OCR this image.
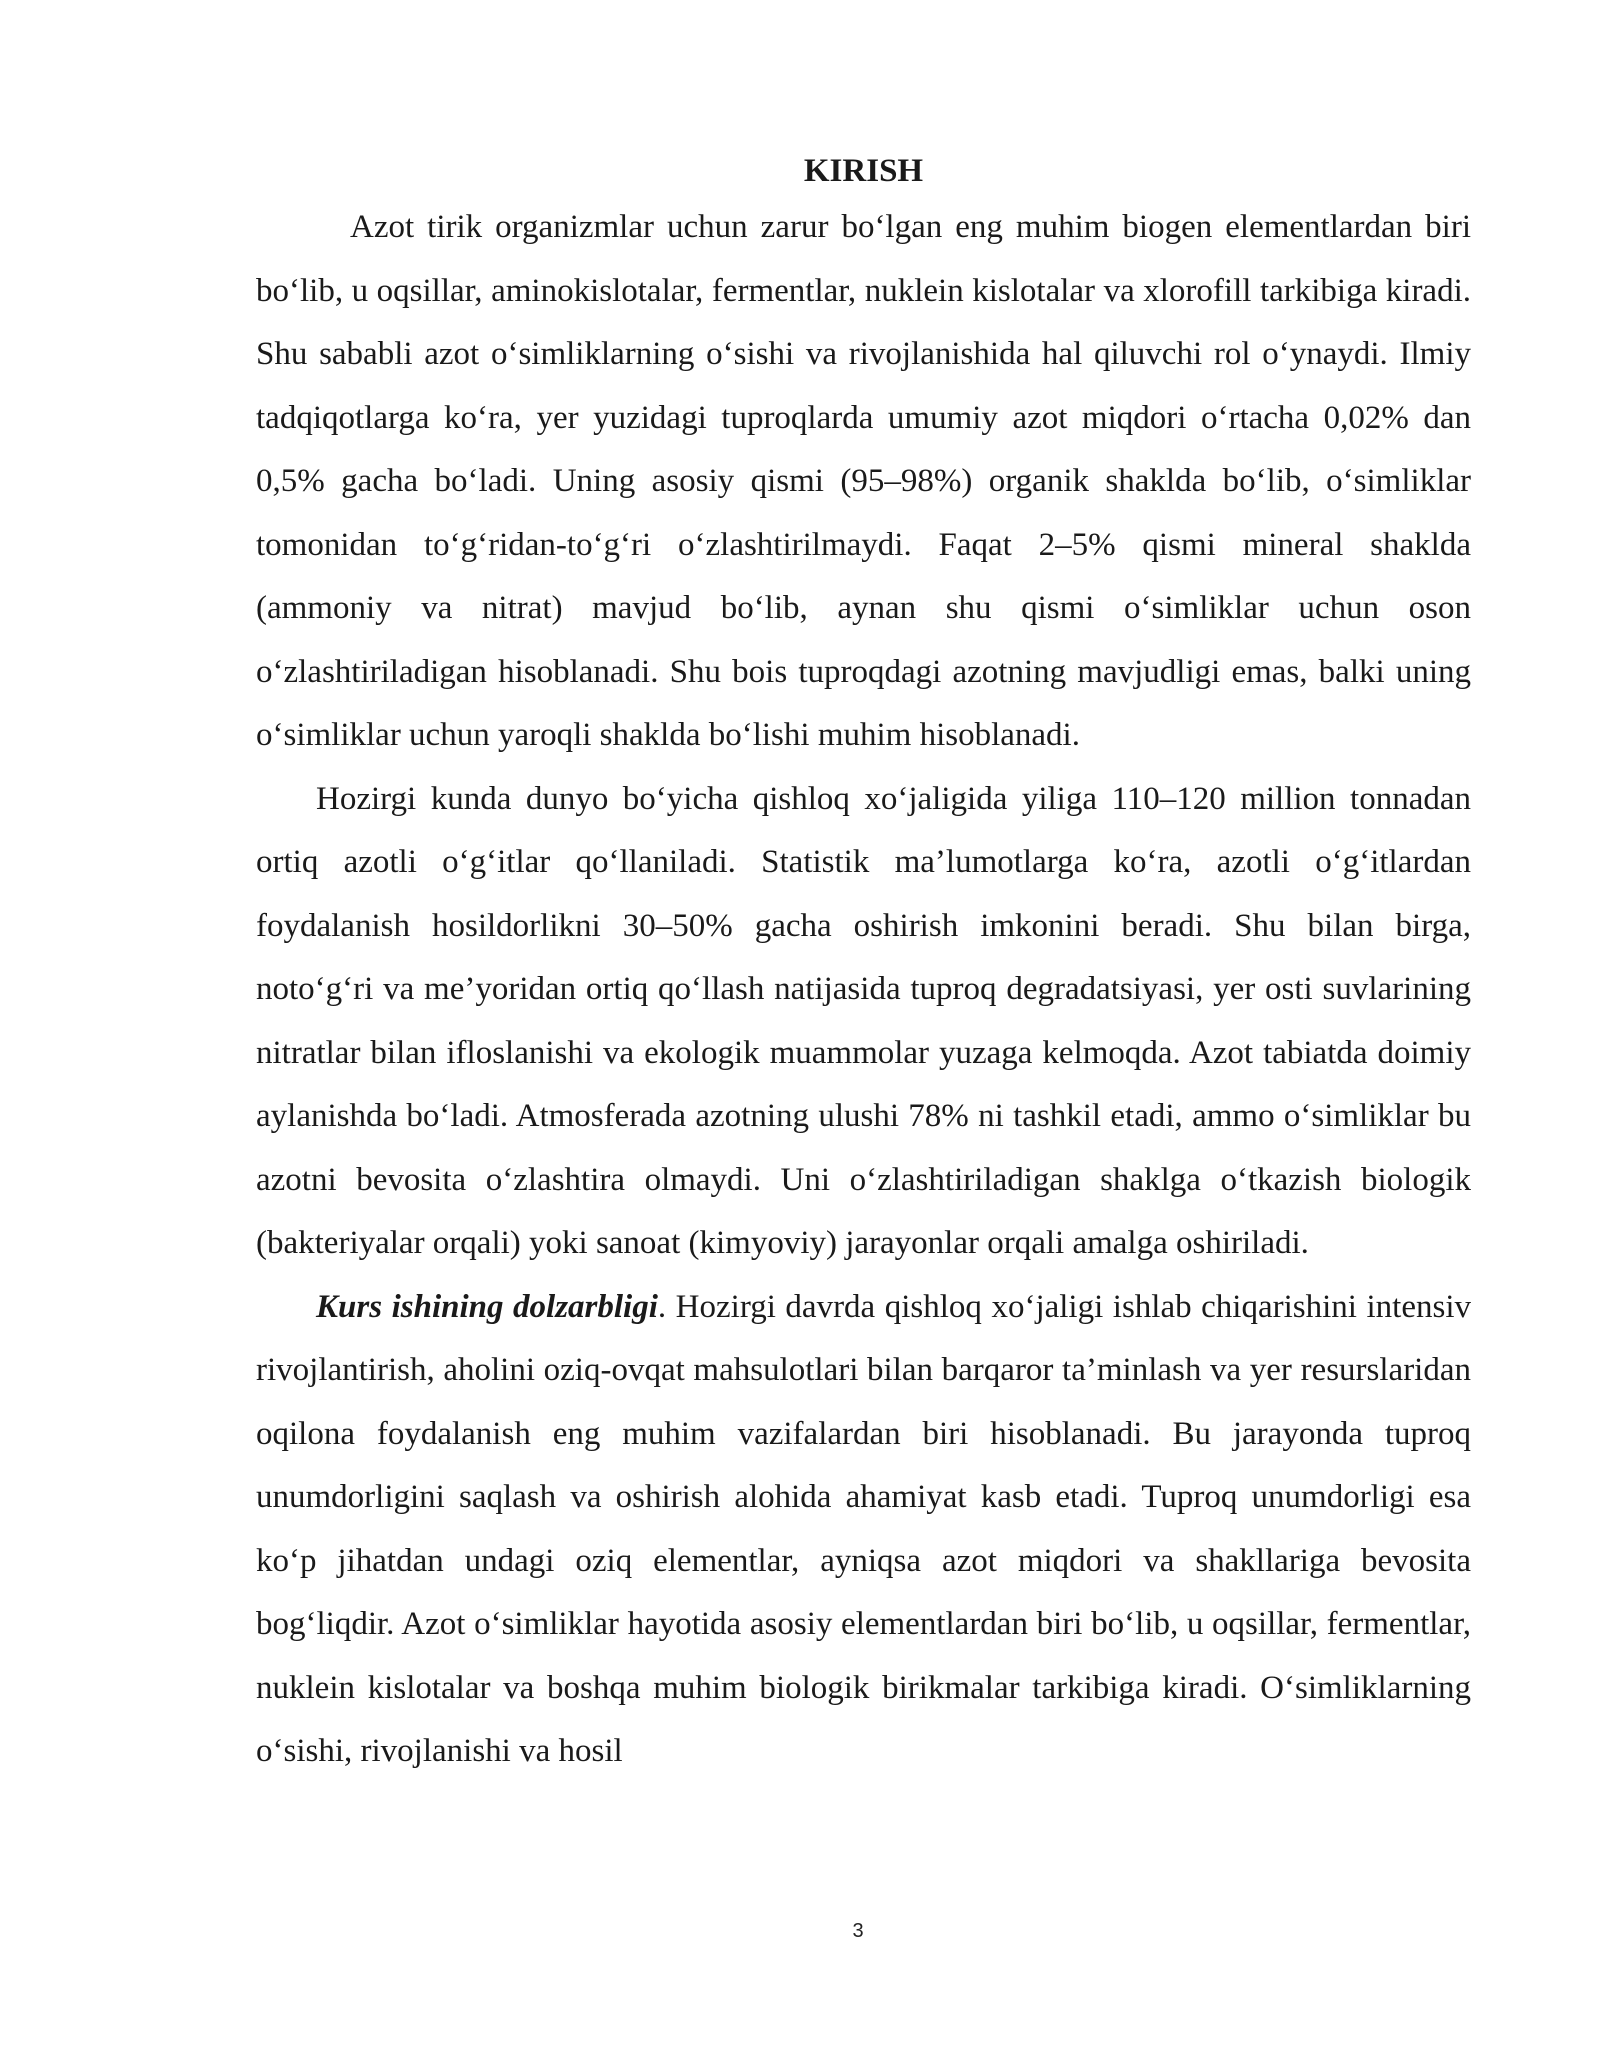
KIRISH

Azot tirik organizmlar uchun zarur bo‘lgan eng muhim biogen elementlardan biri bo‘lib, u oqsillar, aminokislotalar, fermentlar, nuklein kislotalar va xlorofill tarkibiga kiradi. Shu sababli azot o‘simliklarning o‘sishi va rivojlanishida hal qiluvchi rol o‘ynaydi. Ilmiy tadqiqotlarga ko‘ra, yer yuzidagi tuproqlarda umumiy azot miqdori o‘rtacha 0,02% dan 0,5% gacha bo‘ladi. Uning asosiy qismi (95–98%) organik shaklda bo‘lib, o‘simliklar tomonidan to‘g‘ridan-to‘g‘ri o‘zlashtirilmaydi. Faqat 2–5% qismi mineral shaklda (ammoniy va nitrat) mavjud bo‘lib, aynan shu qismi o‘simliklar uchun oson o‘zlashtiriladigan hisoblanadi. Shu bois tuproqdagi azotning mavjudligi emas, balki uning o‘simliklar uchun yaroqli shaklda bo‘lishi muhim hisoblanadi.

Hozirgi kunda dunyo bo‘yicha qishloq xo‘jaligida yiliga 110–120 million tonnadan ortiq azotli o‘g‘itlar qo‘llaniladi. Statistik ma’lumotlarga ko‘ra, azotli o‘g‘itlardan foydalanish hosildorlikni 30–50% gacha oshirish imkonini beradi. Shu bilan birga, noto‘g‘ri va me’yoridan ortiq qo‘llash natijasida tuproq degradatsiyasi, yer osti suvlarining nitratlar bilan ifloslanishi va ekologik muammolar yuzaga kelmoqda. Azot tabiatda doimiy aylanishda bo‘ladi. Atmosferada azotning ulushi 78% ni tashkil etadi, ammo o‘simliklar bu azotni bevosita o‘zlashtira olmaydi. Uni o‘zlashtiriladigan shaklga o‘tkazish biologik (bakteriyalar orqali) yoki sanoat (kimyoviy) jarayonlar orqali amalga oshiriladi.

Kurs ishining dolzarbligi. Hozirgi davrda qishloq xo‘jaligi ishlab chiqarishini intensiv rivojlantirish, aholini oziq-ovqat mahsulotlari bilan barqaror ta’minlash va yer resurslaridan oqilona foydalanish eng muhim vazifalardan biri hisoblanadi. Bu jarayonda tuproq unumdorligini saqlash va oshirish alohida ahamiyat kasb etadi. Tuproq unumdorligi esa ko‘p jihatdan undagi oziq elementlar, ayniqsa azot miqdori va shakllariga bevosita bog‘liqdir. Azot o‘simliklar hayotida asosiy elementlardan biri bo‘lib, u oqsillar, fermentlar, nuklein kislotalar va boshqa muhim biologik birikmalar tarkibiga kiradi. O‘simliklarning o‘sishi, rivojlanishi va hosil

3
